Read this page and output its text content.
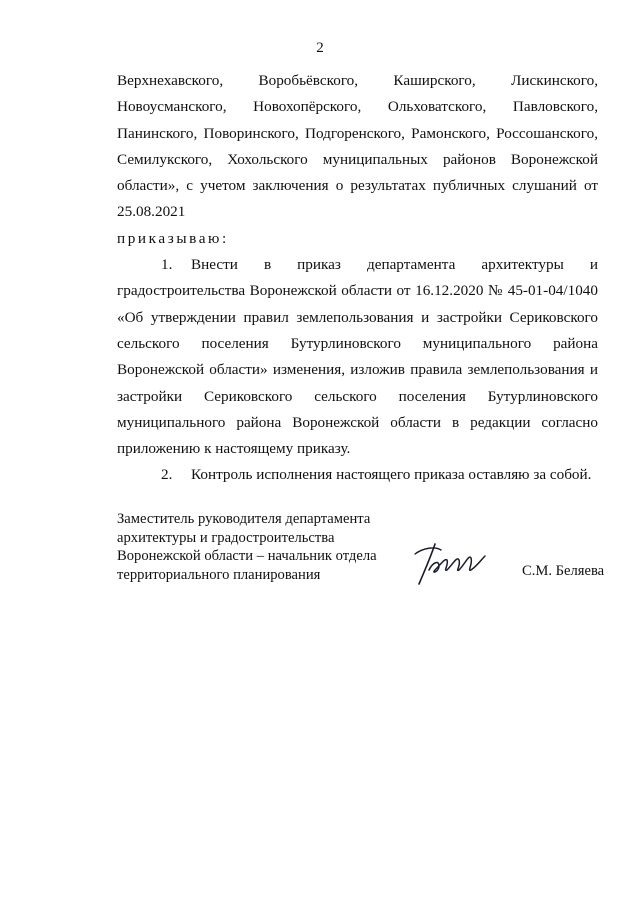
2
Верхнехавского, Воробьёвского, Каширского, Лискинского,
Новоусманского, Новохопёрского, Ольховатского, Павловского,
Панинского, Поворинского, Подгоренского, Рамонского, Россошанского,
Семилукского, Хохольского муниципальных районов Воронежской
области», с учетом заключения о результатах публичных слушаний от
25.08.2021
приказываю:
1. Внести в приказ департамента архитектуры и
градостроительства Воронежской области от 16.12.2020 № 45-01-04/1040
«Об утверждении правил землепользования и застройки Сериковского
сельского поселения Бутурлиновского муниципального района
Воронежской области» изменения, изложив правила землепользования и
застройки Сериковского сельского поселения Бутурлиновского
муниципального района Воронежской области в редакции согласно
приложению к настоящему приказу.
2. Контроль исполнения настоящего приказа оставляю за собой.
Заместитель руководителя департамента
архитектуры и градостроительства
Воронежской области – начальник отдела
территориального планирования	С.М. Беляева
